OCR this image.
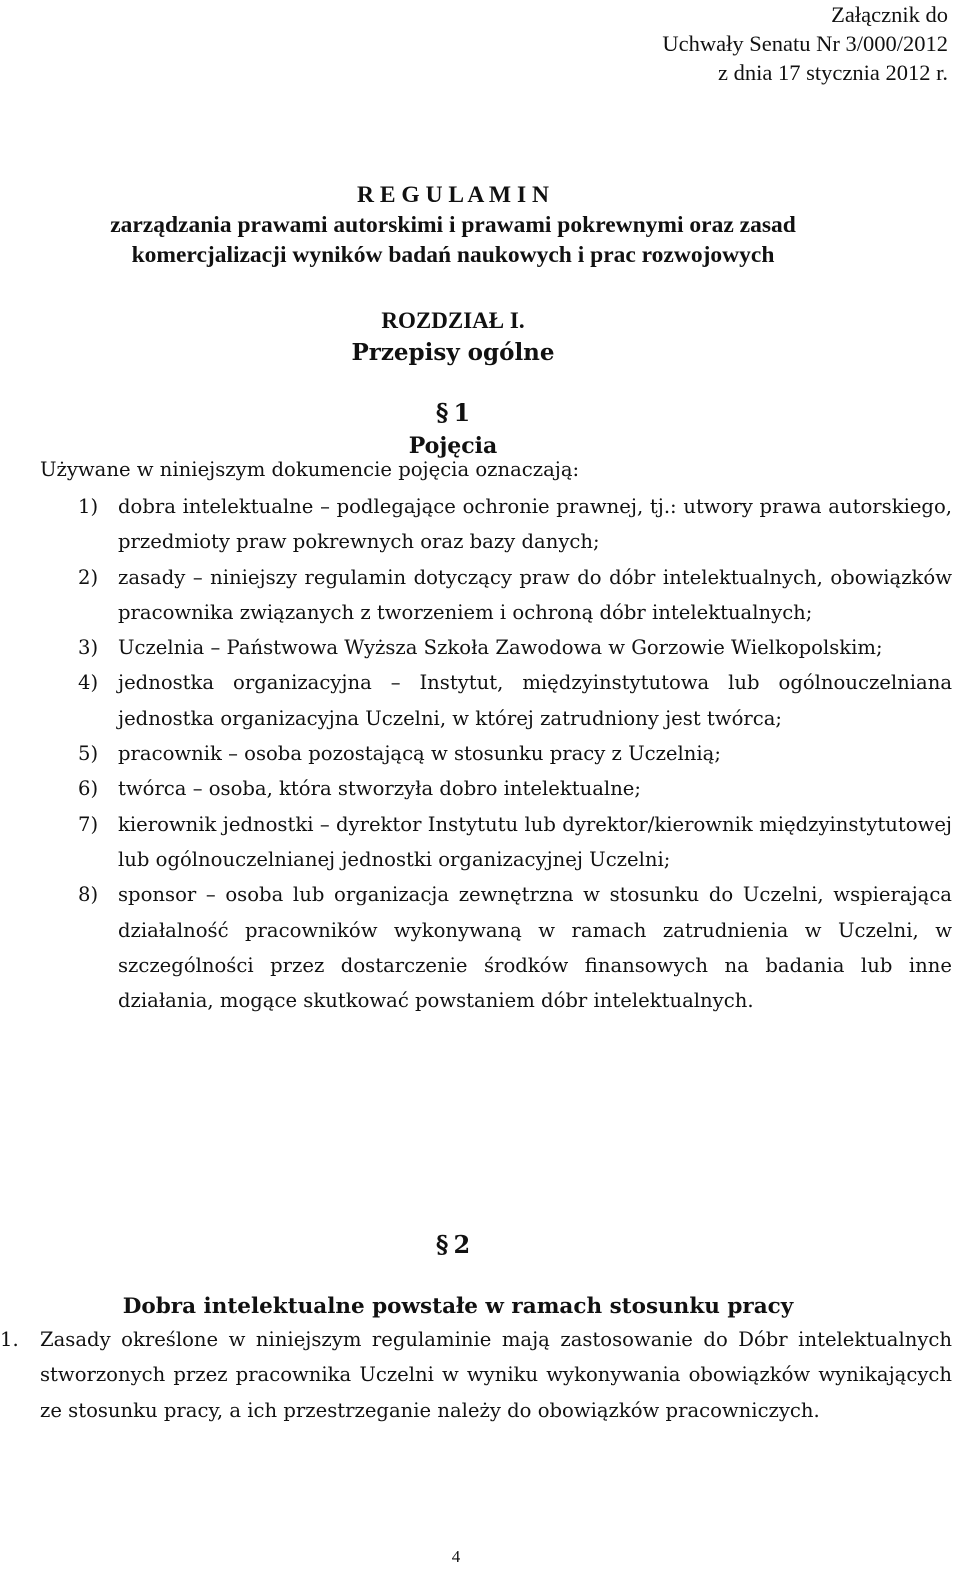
Załącznik do
Uchwały Senatu Nr 3/000/2012
z dnia 17 stycznia 2012 r.
R E G U L A M I N
zarządzania prawami autorskimi i prawami pokrewnymi oraz zasad
komercjalizacji wyników badań naukowych i prac rozwojowych
ROZDZIAŁ I.
Przepisy ogólne
§ 1
Pojęcia
Używane w niniejszym dokumencie pojęcia oznaczają:
1) dobra intelektualne – podlegające ochronie prawnej, tj.: utwory prawa autorskiego, przedmioty praw pokrewnych oraz bazy danych;
2) zasady – niniejszy regulamin dotyczący praw do dóbr intelektualnych, obowiązków pracownika związanych z tworzeniem i ochroną dóbr intelektualnych;
3) Uczelnia – Państwowa Wyższa Szkoła Zawodowa w Gorzowie Wielkopolskim;
4) jednostka organizacyjna – Instytut, międzyinstytutowa lub ogólnouczelniana jednostka organizacyjna Uczelni, w której zatrudniony jest twórca;
5) pracownik – osoba pozostającą w stosunku pracy z Uczelnią;
6) twórca – osoba, która stworzyła dobro intelektualne;
7) kierownik jednostki – dyrektor Instytutu lub dyrektor/kierownik międzyinstytutowej lub ogólnouczelnianej jednostki organizacyjnej Uczelni;
8) sponsor – osoba lub organizacja zewnętrzna w stosunku do Uczelni, wspierająca działalność pracowników wykonywaną w ramach zatrudnienia w Uczelni, w szczególności przez dostarczenie środków finansowych na badania lub inne działania, mogące skutkować powstaniem dóbr intelektualnych.
§ 2
Dobra intelektualne powstałe w ramach stosunku pracy
1. Zasady określone w niniejszym regulaminie mają zastosowanie do Dóbr intelektualnych stworzonych przez pracownika Uczelni w wyniku wykonywania obowiązków wynikających ze stosunku pracy, a ich przestrzeganie należy do obowiązków pracowniczych.
4
